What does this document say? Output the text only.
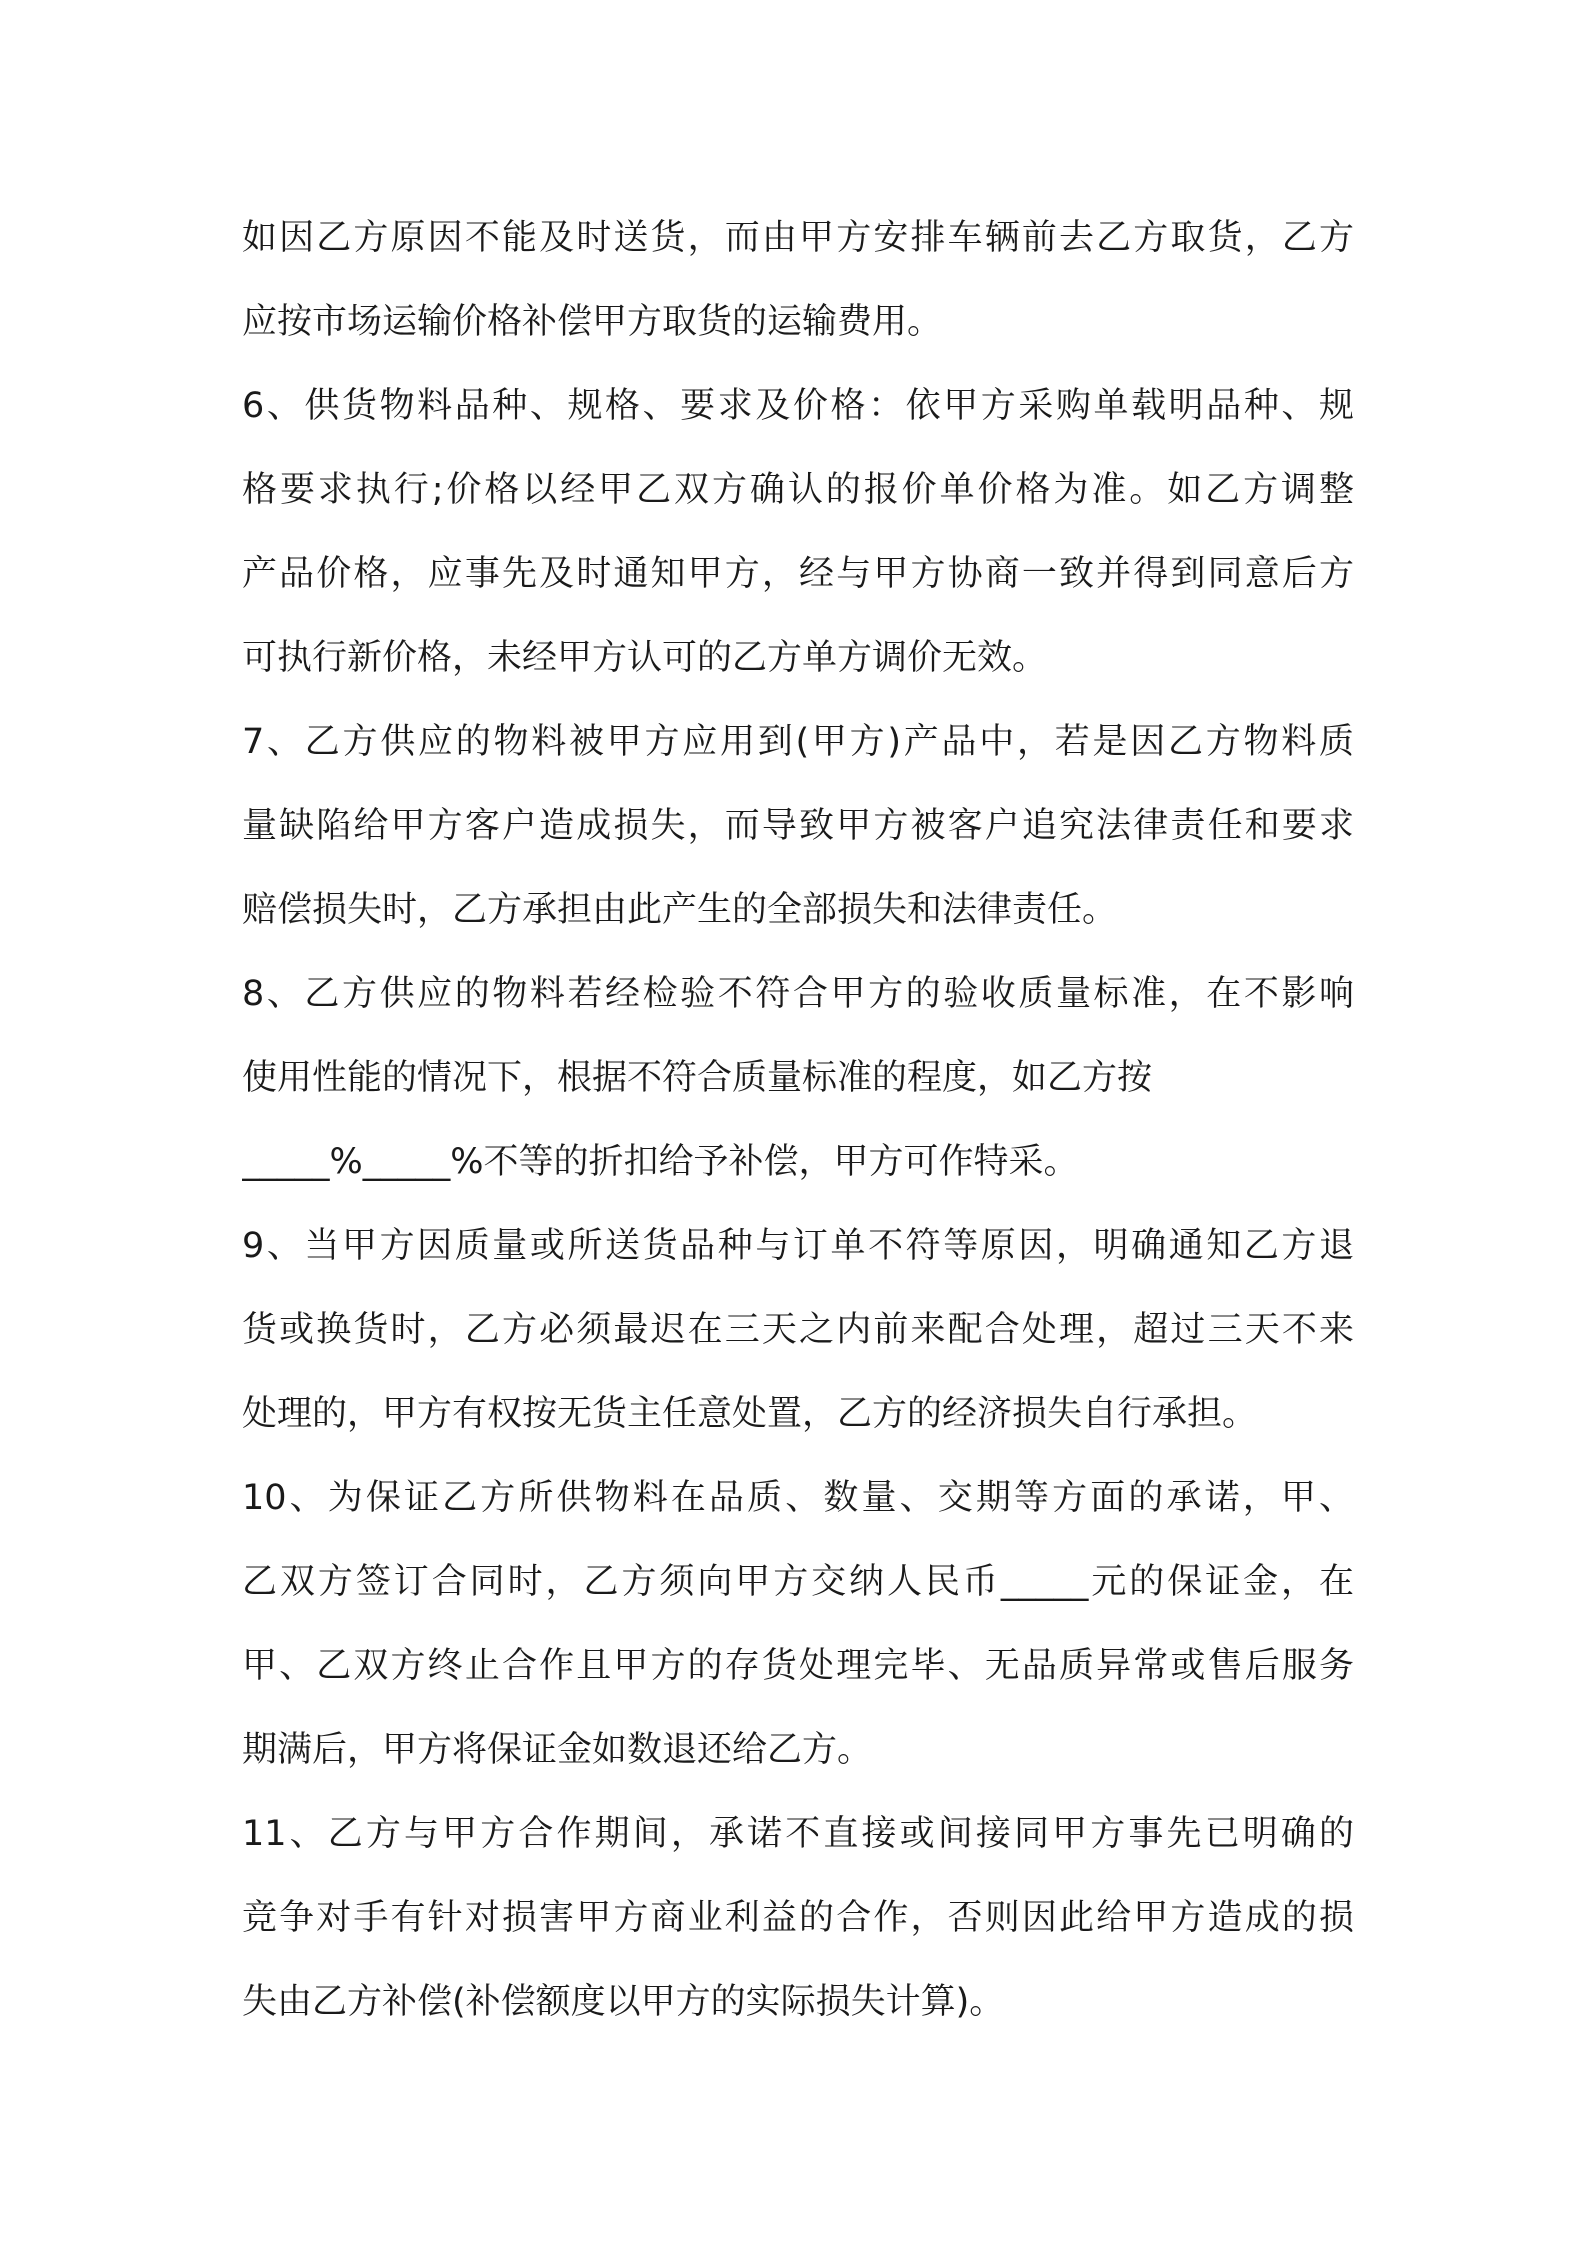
如因乙方原因不能及时送货，而由甲方安排车辆前去乙方取货，乙方
应按市场运输价格补偿甲方取货的运输费用。
6、供货物料品种、规格、要求及价格：依甲方采购单载明品种、规
格要求执行;价格以经甲乙双方确认的报价单价格为准。如乙方调整
产品价格，应事先及时通知甲方，经与甲方协商一致并得到同意后方
可执行新价格，未经甲方认可的乙方单方调价无效。
7、乙方供应的物料被甲方应用到(甲方)产品中，若是因乙方物料质
量缺陷给甲方客户造成损失，而导致甲方被客户追究法律责任和要求
赔偿损失时，乙方承担由此产生的全部损失和法律责任。
8、乙方供应的物料若经检验不符合甲方的验收质量标准，在不影响
使用性能的情况下，根据不符合质量标准的程度，如乙方按
_____%_____%不等的折扣给予补偿，甲方可作特采。
9、当甲方因质量或所送货品种与订单不符等原因，明确通知乙方退
货或换货时，乙方必须最迟在三天之内前来配合处理，超过三天不来
处理的，甲方有权按无货主任意处置，乙方的经济损失自行承担。
10、为保证乙方所供物料在品质、数量、交期等方面的承诺，甲、
乙双方签订合同时，乙方须向甲方交纳人民币_____元的保证金，在
甲、乙双方终止合作且甲方的存货处理完毕、无品质异常或售后服务
期满后，甲方将保证金如数退还给乙方。
11、乙方与甲方合作期间，承诺不直接或间接同甲方事先已明确的
竞争对手有针对损害甲方商业利益的合作，否则因此给甲方造成的损
失由乙方补偿(补偿额度以甲方的实际损失计算)。
